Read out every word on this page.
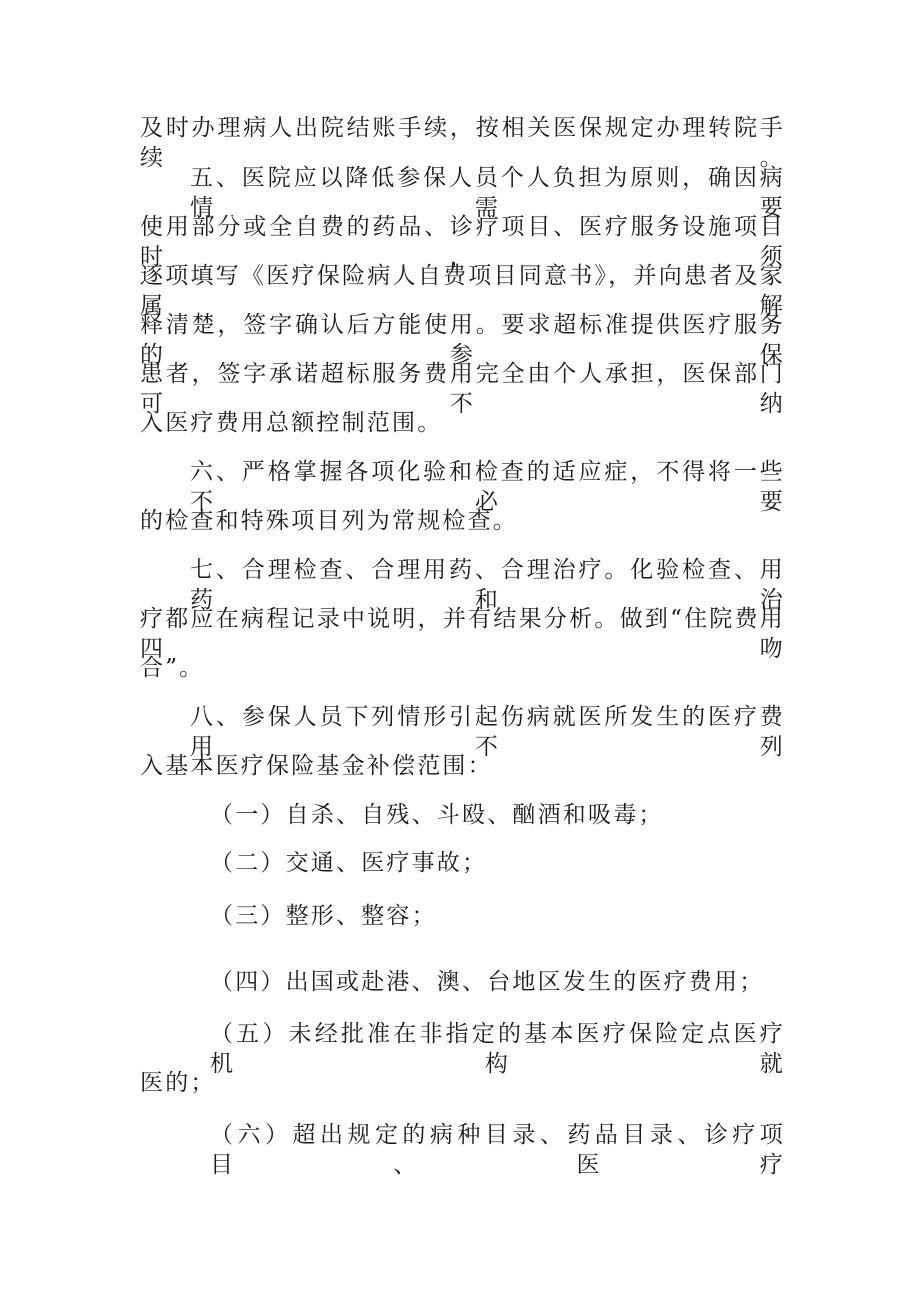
及时办理病人出院结账手续，按相关医保规定办理转院手续。
五、医院应以降低参保人员个人负担为原则，确因病情需要
使用部分或全自费的药品、诊疗项目、医疗服务设施项目时，须
逐项填写《医疗保险病人自费项目同意书》，并向患者及家属解
释清楚，签字确认后方能使用。要求超标准提供医疗服务的参保
患者，签字承诺超标服务费用完全由个人承担，医保部门可不纳
入医疗费用总额控制范围。
六、严格掌握各项化验和检查的适应症，不得将一些不必要
的检查和特殊项目列为常规检查。
七、合理检查、合理用药、合理治疗。化验检查、用药和治
疗都应在病程记录中说明，并有结果分析。做到“住院费用四吻
合”。
八、参保人员下列情形引起伤病就医所发生的医疗费用不列
入基本医疗保险基金补偿范围：
（一）自杀、自残、斗殴、酗酒和吸毒；
（二）交通、医疗事故；
（三）整形、整容；
（四）出国或赴港、澳、台地区发生的医疗费用；
（五）未经批准在非指定的基本医疗保险定点医疗机构就
医的；
（六）超出规定的病种目录、药品目录、诊疗项目、医疗
